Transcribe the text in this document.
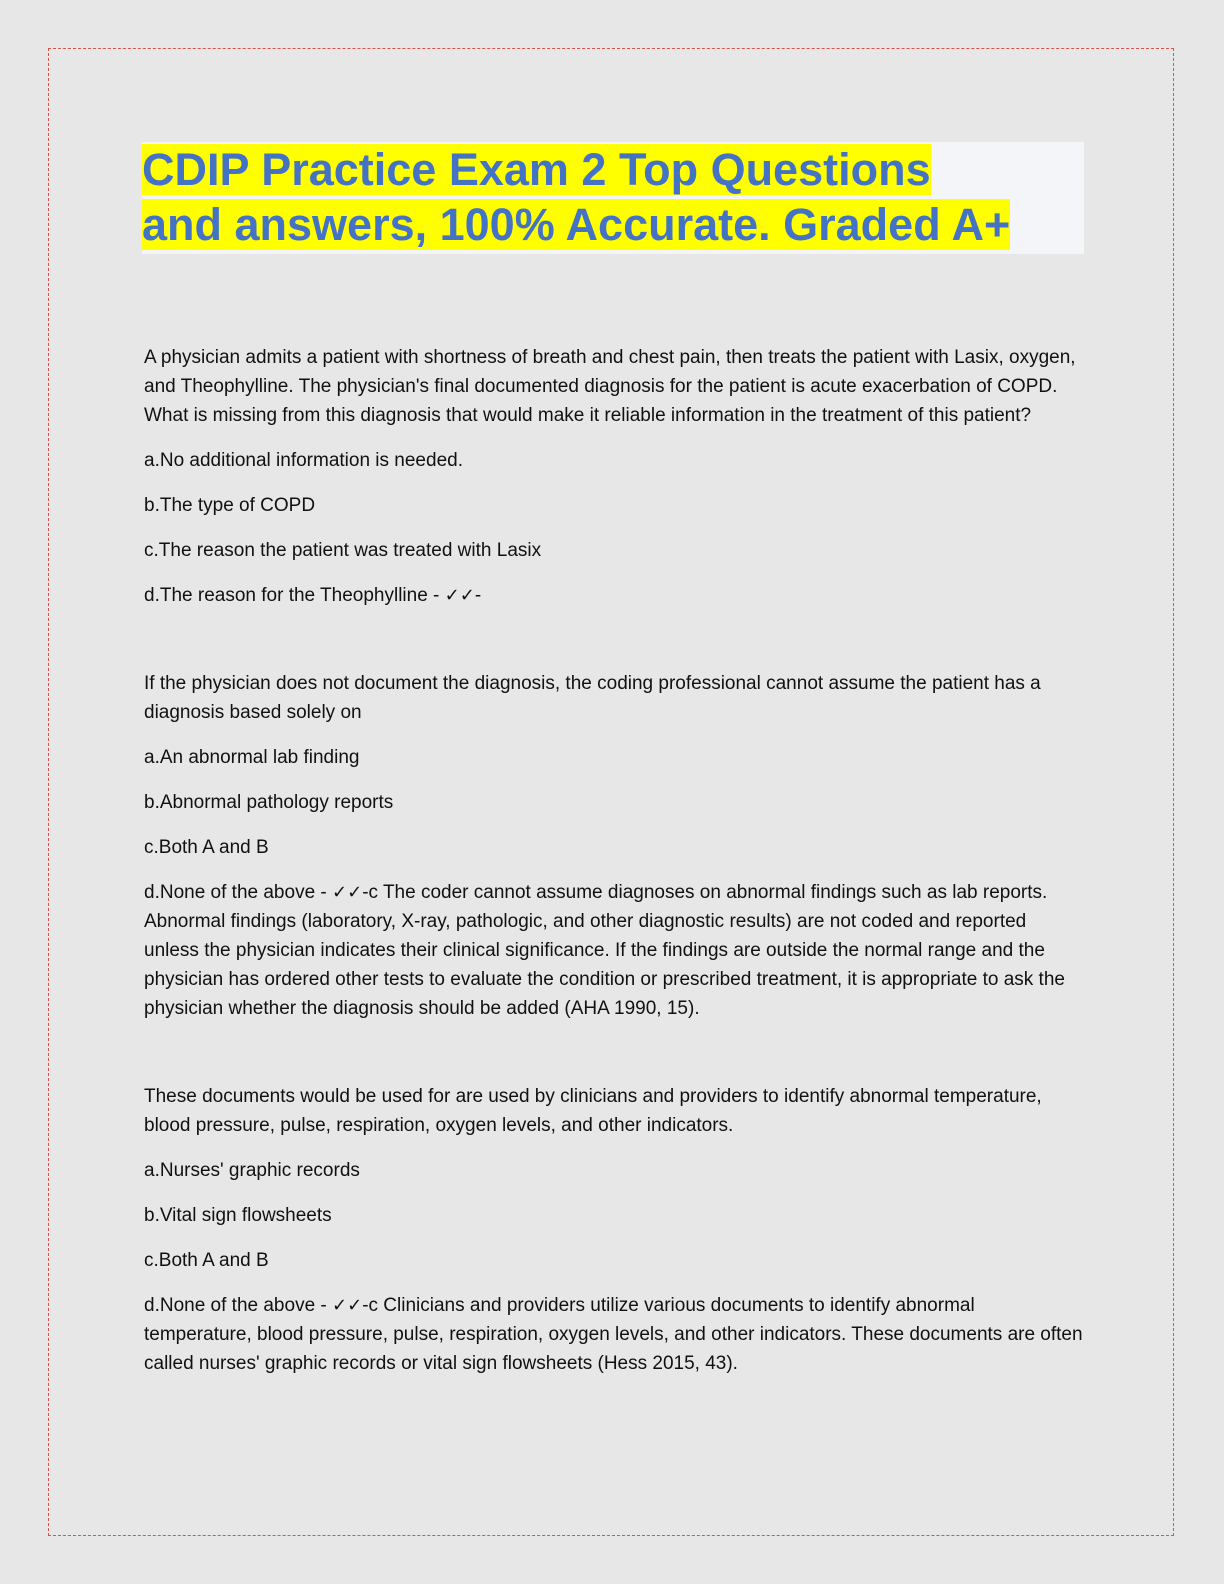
CDIP Practice Exam 2 Top Questions
and answers, 100% Accurate. Graded A+

A physician admits a patient with shortness of breath and chest pain, then treats the patient with Lasix, oxygen, and Theophylline. The physician's final documented diagnosis for the patient is acute exacerbation of COPD. What is missing from this diagnosis that would make it reliable information in the treatment of this patient?

a.No additional information is needed.

b.The type of COPD

c.The reason the patient was treated with Lasix

d.The reason for the Theophylline - ✓✓-

If the physician does not document the diagnosis, the coding professional cannot assume the patient has a diagnosis based solely on

a.An abnormal lab finding

b.Abnormal pathology reports

c.Both A and B

d.None of the above - ✓✓-c The coder cannot assume diagnoses on abnormal findings such as lab reports. Abnormal findings (laboratory, X-ray, pathologic, and other diagnostic results) are not coded and reported unless the physician indicates their clinical significance. If the findings are outside the normal range and the physician has ordered other tests to evaluate the condition or prescribed treatment, it is appropriate to ask the physician whether the diagnosis should be added (AHA 1990, 15).

These documents would be used for are used by clinicians and providers to identify abnormal temperature, blood pressure, pulse, respiration, oxygen levels, and other indicators.

a.Nurses' graphic records

b.Vital sign flowsheets

c.Both A and B

d.None of the above - ✓✓-c Clinicians and providers utilize various documents to identify abnormal temperature, blood pressure, pulse, respiration, oxygen levels, and other indicators. These documents are often called nurses' graphic records or vital sign flowsheets (Hess 2015, 43).
